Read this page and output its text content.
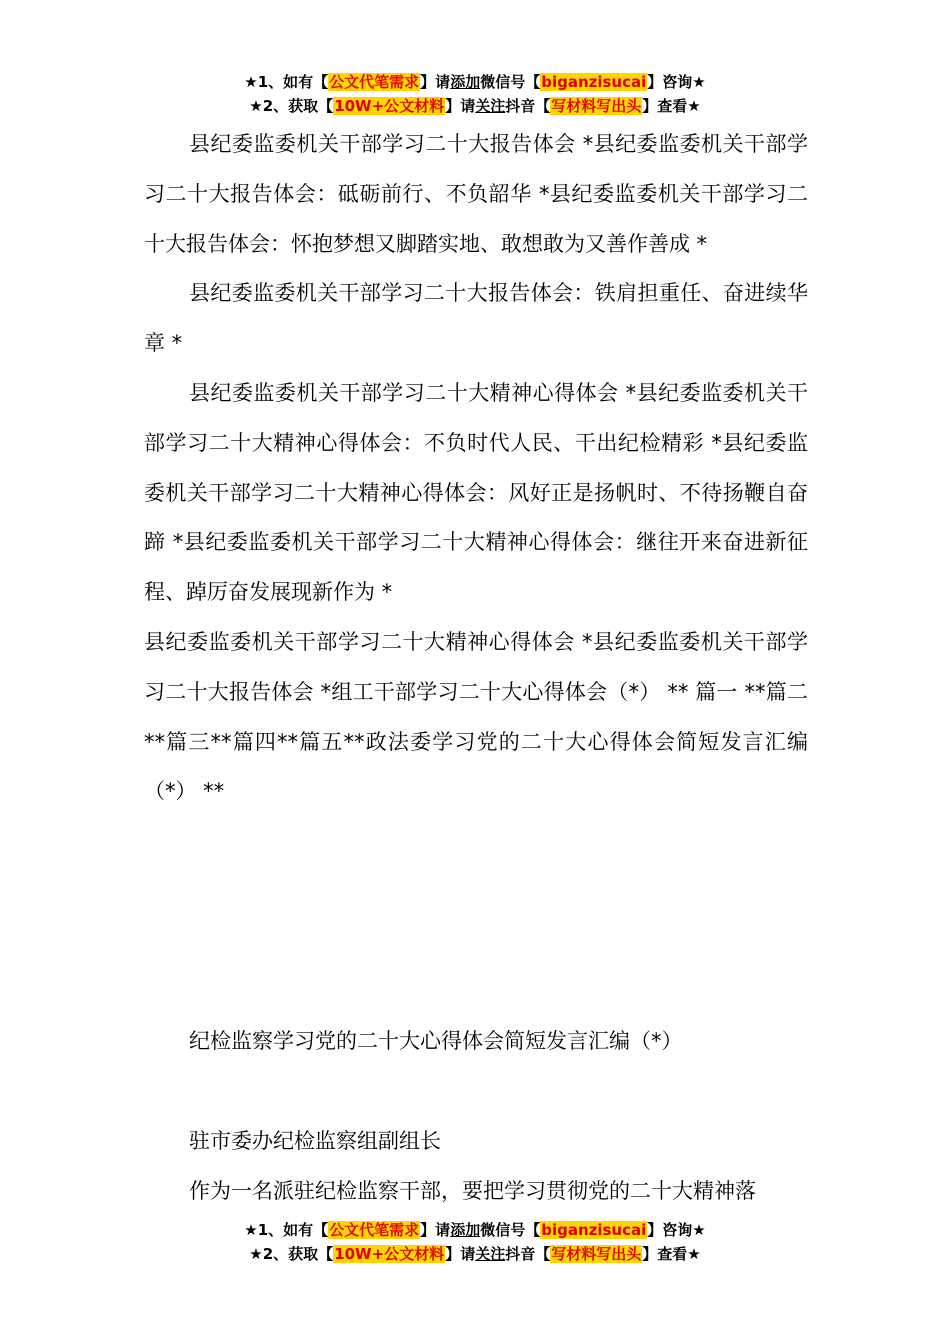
★1、如有【公文代笔需求】请添加微信号【biganzisucai】咨询★
★2、获取【10W+公文材料】请关注抖音【写材料写出头】查看★

县纪委监委机关干部学习二十大报告体会 *县纪委监委机关干部学习二十大报告体会：砥砺前行、不负韶华 *县纪委监委机关干部学习二十大报告体会：怀抱梦想又脚踏实地、敢想敢为又善作善成 *

县纪委监委机关干部学习二十大报告体会：铁肩担重任、奋进续华章 *

县纪委监委机关干部学习二十大精神心得体会 *县纪委监委机关干部学习二十大精神心得体会：不负时代人民、干出纪检精彩 *县纪委监委机关干部学习二十大精神心得体会：风好正是扬帆时、不待扬鞭自奋蹄 *县纪委监委机关干部学习二十大精神心得体会：继往开来奋进新征程、踔厉奋发展现新作为 *

县纪委监委机关干部学习二十大精神心得体会 *县纪委监委机关干部学习二十大报告体会 *组工干部学习二十大心得体会（*） ** 篇一 **篇二**篇三**篇四**篇五**政法委学习党的二十大心得体会简短发言汇编（*） **

纪检监察学习党的二十大心得体会简短发言汇编（*）
驻市委办纪检监察组副组长
作为一名派驻纪检监察干部，要把学习贯彻党的二十大精神落
★1、如有【公文代笔需求】请添加微信号【biganzisucai】咨询★
★2、获取【10W+公文材料】请关注抖音【写材料写出头】查看★
